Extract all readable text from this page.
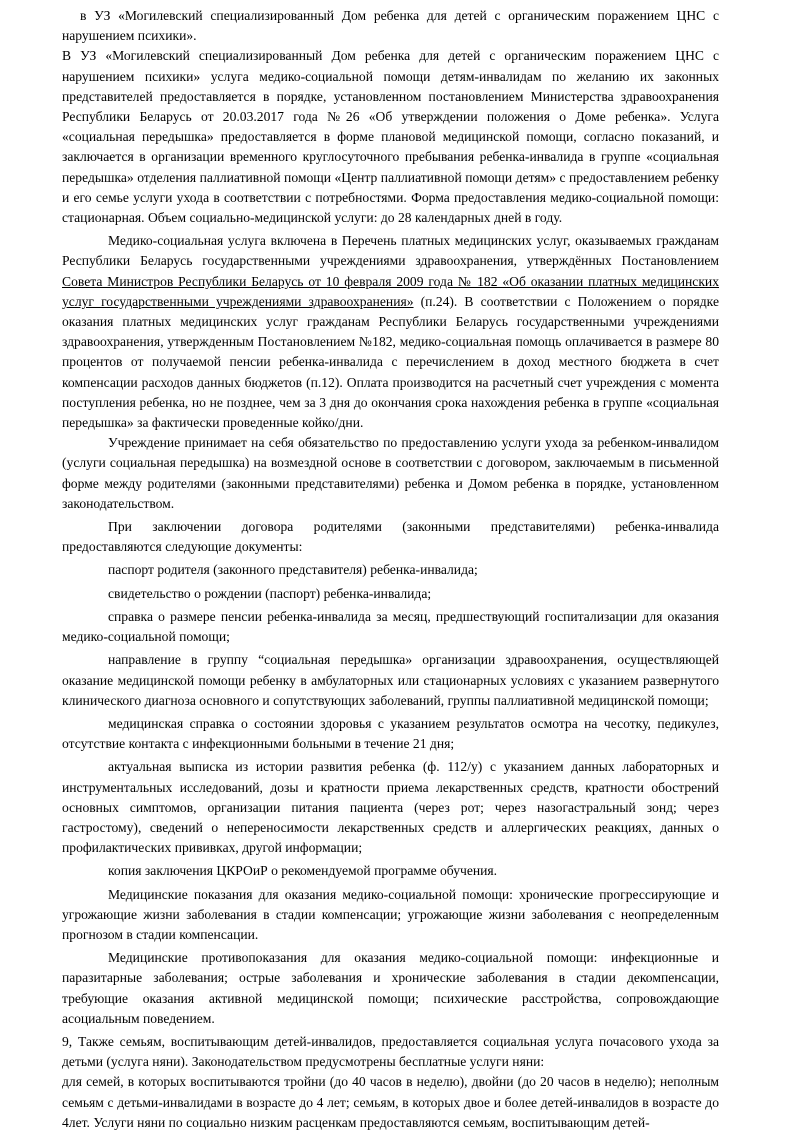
в УЗ «Могилевский специализированный Дом ребенка для детей с органическим поражением ЦНС с нарушением психики».

В УЗ «Могилевский специализированный Дом ребенка для детей с органическим поражением ЦНС с нарушением психики» услуга медико-социальной помощи детям-инвалидам по желанию их законных представителей предоставляется в порядке, установленном постановлением Министерства здравоохранения Республики Беларусь от 20.03.2017 года №26 «Об утверждении положения о Доме ребенка». Услуга «социальная передышка» предоставляется в форме плановой медицинской помощи, согласно показаний, и заключается в организации временного круглосуточного пребывания ребенка-инвалида в группе «социальная передышка» отделения паллиативной помощи «Центр паллиативной помощи детям» с предоставлением ребенку и его семье услуги ухода в соответствии с потребностями. Форма предоставления медико-социальной помощи: стационарная. Объем социально-медицинской услуги: до 28 календарных дней в году.

Медико-социальная услуга включена в Перечень платных медицинских услуг, оказываемых гражданам Республики Беларусь государственными учреждениями здравоохранения, утверждённых Постановлением Совета Министров Республики Беларусь от 10 февраля 2009 года № 182 «Об оказании платных медицинских услуг государственными учреждениями здравоохранения» (п.24). В соответствии с Положением о порядке оказания платных медицинских услуг гражданам Республики Беларусь государственными учреждениями здравоохранения, утвержденным Постановлением №182, медико-социальная помощь оплачивается в размере 80 процентов от получаемой пенсии ребенка-инвалида с перечислением в доход местного бюджета в счет компенсации расходов данных бюджетов (п.12). Оплата производится на расчетный счет учреждения с момента поступления ребенка, но не позднее, чем за 3 дня до окончания срока нахождения ребенка в группе «социальная передышка» за фактически проведенные койко/дни.

Учреждение принимает на себя обязательство по предоставлению услуги ухода за ребенком-инвалидом (услуги социальная передышка) на возмездной основе в соответствии с договором, заключаемым в письменной форме между родителями (законными представителями) ребенка и Домом ребенка в порядке, установленном законодательством.

При заключении договора родителями (законными представителями) ребенка-инвалида предоставляются следующие документы:

паспорт родителя (законного представителя) ребенка-инвалида;

свидетельство о рождении (паспорт) ребенка-инвалида;

справка о размере пенсии ребенка-инвалида за месяц, предшествующий госпитализации для оказания медико-социальной помощи;

направление в группу “социальная передышка» организации здравоохранения, осуществляющей оказание медицинской помощи ребенку в амбулаторных или стационарных условиях с указанием развернутого клинического диагноза основного и сопутствующих заболеваний, группы паллиативной медицинской помощи;

медицинская справка о состоянии здоровья с указанием результатов осмотра на чесотку, педикулез, отсутствие контакта с инфекционными больными в течение 21 дня;

актуальная выписка из истории развития ребенка (ф. 112/у) с указанием данных лабораторных и инструментальных исследований, дозы и кратности приема лекарственных средств, кратности обострений основных симптомов, организации питания пациента (через рот; через назогастральный зонд; через гастростому), сведений о непереносимости лекарственных средств и аллергических реакциях, данных о профилактических прививках, другой информации;

копия заключения ЦКРОиР о рекомендуемой программе обучения.

Медицинские показания для оказания медико-социальной помощи: хронические прогрессирующие и угрожающие жизни заболевания в стадии компенсации; угрожающие жизни заболевания с неопределенным прогнозом в стадии компенсации.

Медицинские противопоказания для оказания медико-социальной помощи: инфекционные и паразитарные заболевания; острые заболевания и хронические заболевания в стадии декомпенсации, требующие оказания активной медицинской помощи; психические расстройства, сопровождающие асоциальным поведением.

9, Также семьям, воспитывающим детей-инвалидов, предоставляется социальная услуга почасового ухода за детьми (услуга няни). Законодательством предусмотрены бесплатные услуги няни:

для семей, в которых воспитываются тройни (до 40 часов в неделю), двойни (до 20 часов в неделю); неполным семьям с детьми-инвалидами в возрасте до 4 лет; семьям, в которых двое и более детей-инвалидов в возрасте до 4лет. Услуги няни по социально низким расценкам предоставляются семьям, воспитывающим детей-
